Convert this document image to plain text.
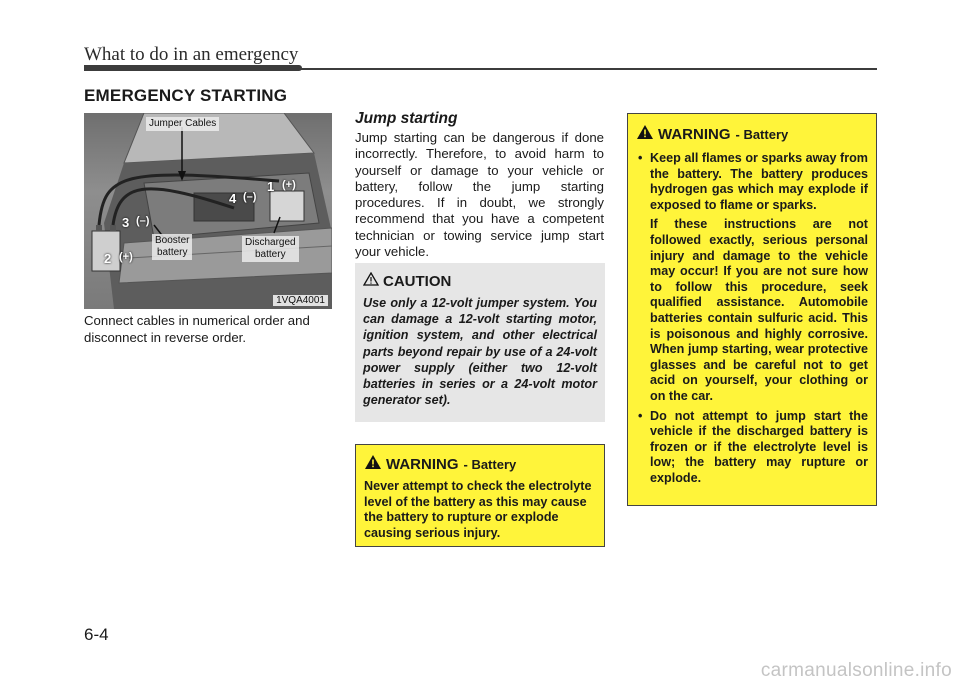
What to do in an emergency
EMERGENCY STARTING
Jumper Cables
Booster
battery
Discharged
battery
1VQA4001
1 (+)
2 (+)
3 (–)
4 (–)
Connect cables in numerical order and disconnect in reverse order.
Jump starting
Jump starting can be dangerous if done incorrectly. Therefore, to avoid harm to yourself or damage to your vehicle or battery, follow the jump starting procedures. If in doubt, we strongly recommend that you have a competent technician or towing service jump start your vehicle.
CAUTION
Use only a 12-volt jumper system. You can damage a 12-volt starting motor, ignition system, and other electrical parts beyond repair by use of a 24-volt power supply (either two 12-volt batteries in series or a 24-volt motor generator set).
WARNING - Battery
Never attempt to check the electrolyte level of the battery as this may cause the battery to rupture or explode causing serious injury.
WARNING - Battery

• Keep all flames or sparks away from the battery. The battery produces hydrogen gas which may explode if exposed to flame or sparks.

If these instructions are not followed exactly, serious personal injury and damage to the vehicle may occur! If you are not sure how to follow this procedure, seek qualified assistance. Automobile batteries contain sulfuric acid. This is poisonous and highly corrosive. When jump starting, wear protective glasses and be careful not to get acid on yourself, your clothing or on the car.

• Do not attempt to jump start the vehicle if the discharged battery is frozen or if the electrolyte level is low; the battery may rupture or explode.

6-4
carmanualsonline.info
